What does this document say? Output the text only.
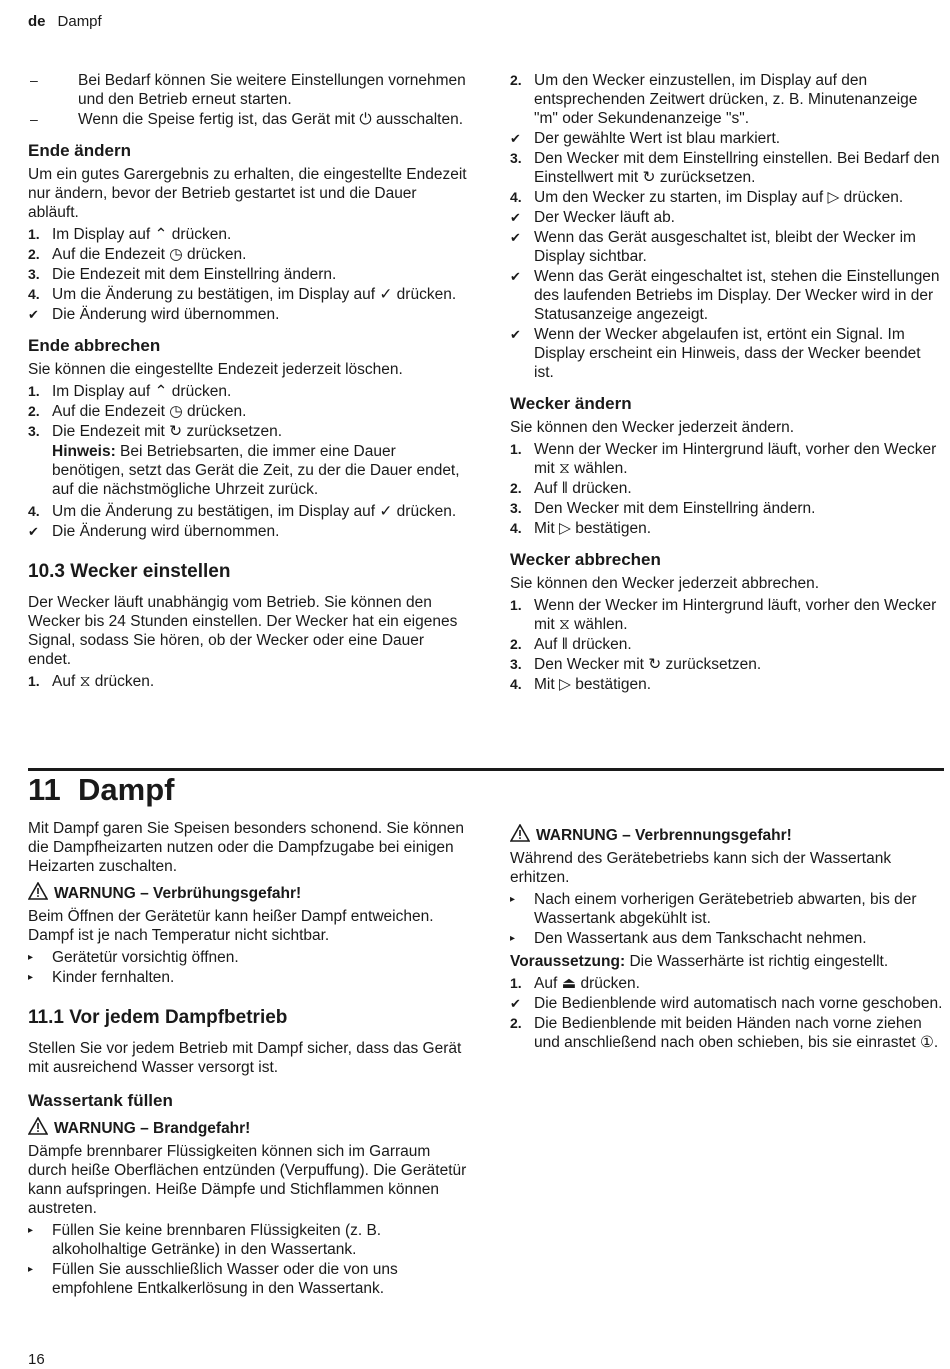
de Dampf
–	Bei Bedarf können Sie weitere Einstellungen vornehmen und den Betrieb erneut starten.
–	Wenn die Speise fertig ist, das Gerät mit ⏻ ausschalten.
Ende ändern

Um ein gutes Garergebnis zu erhalten, die eingestellte Endezeit nur ändern, bevor der Betrieb gestartet ist und die Dauer abläuft.

1. Im Display auf ⌃ drücken.
2. Auf die Endezeit ◷ drücken.
3. Die Endezeit mit dem Einstellring ändern.
4. Um die Änderung zu bestätigen, im Display auf ✓ drücken.
✔ Die Änderung wird übernommen.
Ende abbrechen

Sie können die eingestellte Endezeit jederzeit löschen.

1. Im Display auf ⌃ drücken.
2. Auf die Endezeit ◷ drücken.
3. Die Endezeit mit ↻ zurücksetzen.

Hinweis: Bei Betriebsarten, die immer eine Dauer benötigen, setzt das Gerät die Zeit, zu der die Dauer endet, auf die nächstmögliche Uhrzeit zurück.

4. Um die Änderung zu bestätigen, im Display auf ✓ drücken.
✔ Die Änderung wird übernommen.
10.3 Wecker einstellen

Der Wecker läuft unabhängig vom Betrieb. Sie können den Wecker bis 24 Stunden einstellen. Der Wecker hat ein eigenes Signal, sodass Sie hören, ob der Wecker oder eine Dauer endet.

1. Auf ⧖ drücken.
2. Um den Wecker einzustellen, im Display auf den entsprechenden Zeitwert drücken, z. B. Minutenanzeige "m" oder Sekundenanzeige "s".
✔ Der gewählte Wert ist blau markiert.
3. Den Wecker mit dem Einstellring einstellen. Bei Bedarf den Einstellwert mit ↻ zurücksetzen.
4. Um den Wecker zu starten, im Display auf ▷ drücken.
✔ Der Wecker läuft ab.
✔ Wenn das Gerät ausgeschaltet ist, bleibt der Wecker im Display sichtbar.
✔ Wenn das Gerät eingeschaltet ist, stehen die Einstellungen des laufenden Betriebs im Display. Der Wecker wird in der Statusanzeige angezeigt.
✔ Wenn der Wecker abgelaufen ist, ertönt ein Signal. Im Display erscheint ein Hinweis, dass der Wecker beendet ist.
Wecker ändern

Sie können den Wecker jederzeit ändern.

1. Wenn der Wecker im Hintergrund läuft, vorher den Wecker mit ⧖ wählen.
2. Auf ǁ drücken.
3. Den Wecker mit dem Einstellring ändern.
4. Mit ▷ bestätigen.
Wecker abbrechen

Sie können den Wecker jederzeit abbrechen.

1. Wenn der Wecker im Hintergrund läuft, vorher den Wecker mit ⧖ wählen.
2. Auf ǁ drücken.
3. Den Wecker mit ↻ zurücksetzen.
4. Mit ▷ bestätigen.
11  Dampf

Mit Dampf garen Sie Speisen besonders schonend. Sie können die Dampfheizarten nutzen oder die Dampfzugabe bei einigen Heizarten zuschalten.

WARNUNG – Verbrühungsgefahr!

Beim Öffnen der Gerätetür kann heißer Dampf entweichen. Dampf ist je nach Temperatur nicht sichtbar.

▸	Gerätetür vorsichtig öffnen.
▸	Kinder fernhalten.
11.1 Vor jedem Dampfbetrieb

Stellen Sie vor jedem Betrieb mit Dampf sicher, dass das Gerät mit ausreichend Wasser versorgt ist.

Wassertank füllen
WARNUNG – Brandgefahr!

Dämpfe brennbarer Flüssigkeiten können sich im Garraum durch heiße Oberflächen entzünden (Verpuffung). Die Gerätetür kann aufspringen. Heiße Dämpfe und Stichflammen können austreten.

▸	Füllen Sie keine brennbaren Flüssigkeiten (z. B. alkoholhaltige Getränke) in den Wassertank.
▸	Füllen Sie ausschließlich Wasser oder die von uns empfohlene Entkalkerlösung in den Wassertank.
WARNUNG – Verbrennungsgefahr!

Während des Gerätebetriebs kann sich der Wassertank erhitzen.

▸	Nach einem vorherigen Gerätebetrieb abwarten, bis der Wassertank abgekühlt ist.
▸	Den Wassertank aus dem Tankschacht nehmen.

Voraussetzung: Die Wasserhärte ist richtig eingestellt.

1. Auf ⏏ drücken.
✔ Die Bedienblende wird automatisch nach vorne geschoben.
2. Die Bedienblende mit beiden Händen nach vorne ziehen und anschließend nach oben schieben, bis sie einrastet ①.
16
